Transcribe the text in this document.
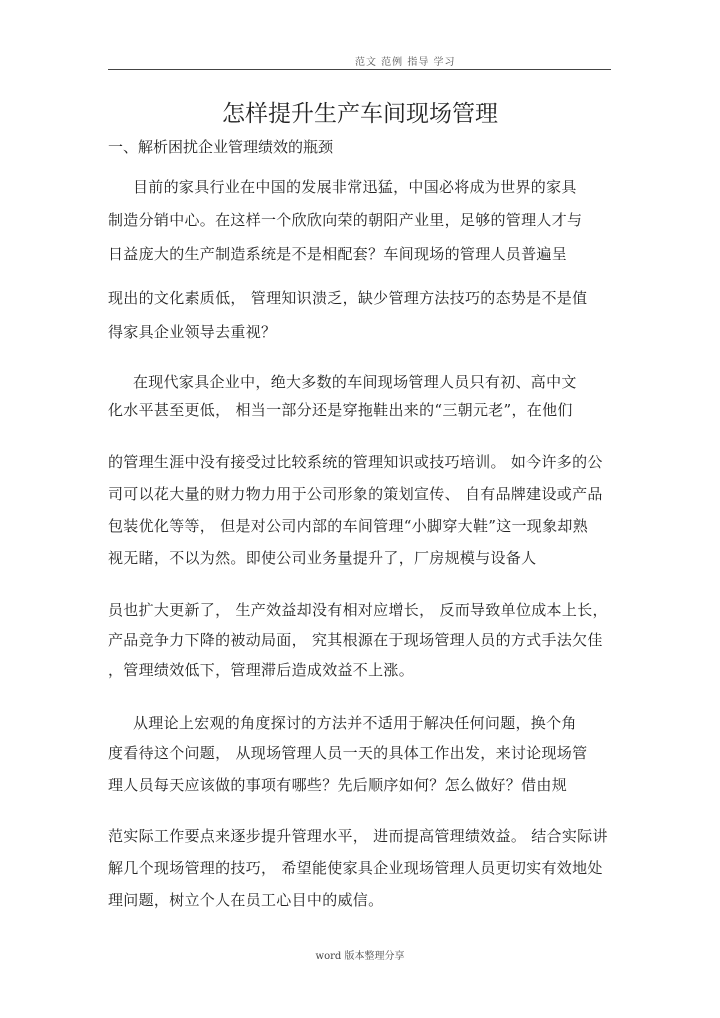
范文 范例 指导 学习
怎样提升生产车间现场管理
一、解析困扰企业管理绩效的瓶颈
目前的家具行业在中国的发展非常迅猛，中国必将成为世界的家具
制造分销中心。在这样一个欣欣向荣的朝阳产业里，足够的管理人才与
日益庞大的生产制造系统是不是相配套？车间现场的管理人员普遍呈
现出的文化素质低， 管理知识溃乏，缺少管理方法技巧的态势是不是值
得家具企业领导去重视？
在现代家具企业中，绝大多数的车间现场管理人员只有初、高中文
化水平甚至更低， 相当一部分还是穿拖鞋出来的“三朝元老”，在他们
的管理生涯中没有接受过比较系统的管理知识或技巧培训。 如今许多的公
司可以花大量的财力物力用于公司形象的策划宣传、 自有品牌建设或产品
包装优化等等， 但是对公司内部的车间管理“小脚穿大鞋”这一现象却熟
视无睹，不以为然。即使公司业务量提升了，厂房规模与设备人
员也扩大更新了， 生产效益却没有相对应增长， 反而导致单位成本上长，
产品竞争力下降的被动局面， 究其根源在于现场管理人员的方式手法欠佳
，管理绩效低下，管理滞后造成效益不上涨。
从理论上宏观的角度探讨的方法并不适用于解决任何问题，换个角
度看待这个问题， 从现场管理人员一天的具体工作出发，来讨论现场管
理人员每天应该做的事项有哪些？先后顺序如何？怎么做好？借由规
范实际工作要点来逐步提升管理水平， 进而提高管理绩效益。 结合实际讲
解几个现场管理的技巧， 希望能使家具企业现场管理人员更切实有效地处
理问题，树立个人在员工心目中的威信。
word 版本整理分享
